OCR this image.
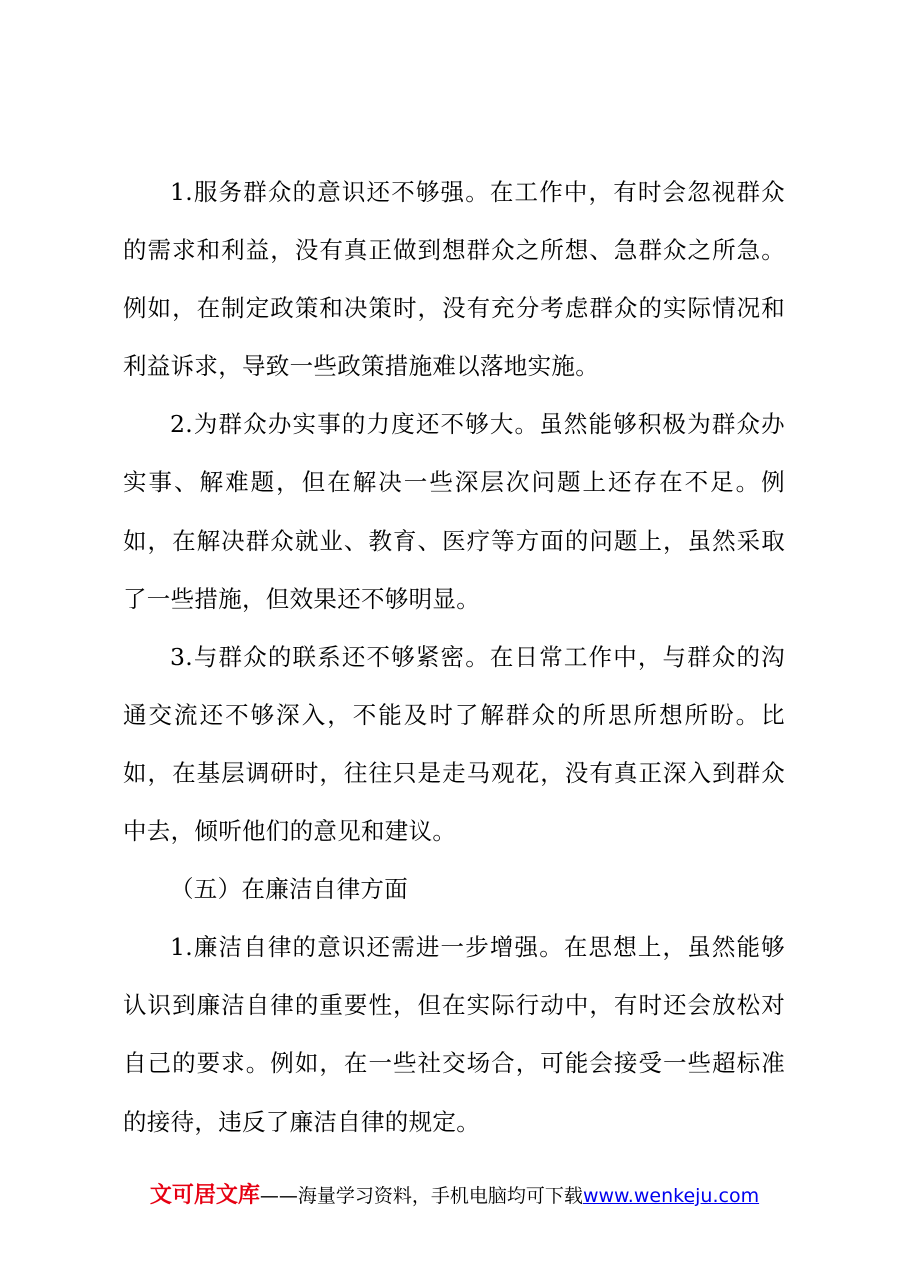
1.服务群众的意识还不够强。在工作中，有时会忽视群众的需求和利益，没有真正做到想群众之所想、急群众之所急。例如，在制定政策和决策时，没有充分考虑群众的实际情况和利益诉求，导致一些政策措施难以落地实施。

2.为群众办实事的力度还不够大。虽然能够积极为群众办实事、解难题，但在解决一些深层次问题上还存在不足。例如，在解决群众就业、教育、医疗等方面的问题上，虽然采取了一些措施，但效果还不够明显。

3.与群众的联系还不够紧密。在日常工作中，与群众的沟通交流还不够深入，不能及时了解群众的所思所想所盼。比如，在基层调研时，往往只是走马观花，没有真正深入到群众中去，倾听他们的意见和建议。

（五）在廉洁自律方面

1.廉洁自律的意识还需进一步增强。在思想上，虽然能够认识到廉洁自律的重要性，但在实际行动中，有时还会放松对自己的要求。例如，在一些社交场合，可能会接受一些超标准的接待，违反了廉洁自律的规定。

文可居文库——海量学习资料，手机电脑均可下载www.wenkeju.com
